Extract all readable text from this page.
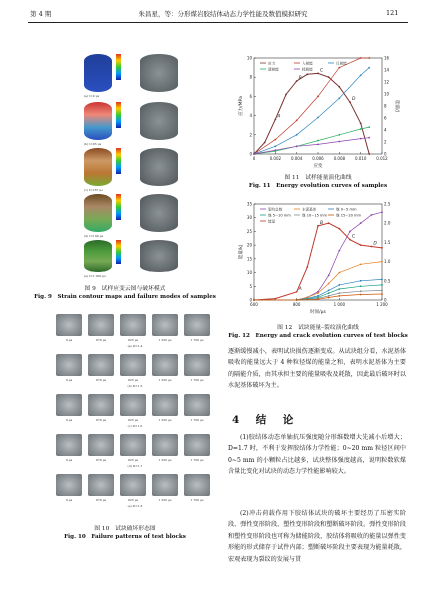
第 4 期	朱昌星，等：分形煤岩胶结体动态力学性能及数值模拟研究	121
(a) t=0 μs
(b) t=95 μs
(c) t=167 μs
(d) t=199 μs
(e) t=1 000 μs
图 9　试样应变云图与破坏模式
Fig. 9　Strain contour maps and failure modes of samples
0 μs	870 μs	925 μs	1 250 μs	1 700 μs
(a) D=1.4
0 μs	870 μs	925 μs	1 250 μs	1 700 μs
(b) D=1.5
0 μs	870 μs	925 μs	1 250 μs	1 700 μs
(c) D=1.6
0 μs	870 μs	925 μs	1 250 μs	1 700 μs
(d) D=1.7
0 μs	870 μs	925 μs	1 250 μs	1 700 μs
(e) D=1.8
图 10　试块破坏形态图
Fig. 10　Failure patterns of test blocks
0	0.002 0.004 0.006 0.008 0.010 0.012
0
2
4
6
8
10
0
2
4
6
8
10
12
14
16
应变
应力/MPa	能量/J
应力	入射能	反射能
透射能	耗散能
A
B
C
D
图 11　试样能量演化曲线
Fig. 11　Energy evolution curves of samples
600	800	1 000	1 200
0
5
10
15
20
25
30
35
0
0.5
1.0
1.5
2.0
2.5
时间/μs
能量/kJ
裂纹总数	水泥基体	煤 0~5 mm
煤 5~10 mm	煤 10~15 mm 煤 15~20 mm
能量
A
B
C
D
图 12　试块能量–裂纹演化曲线
Fig. 12　Energy and crack evolution curves of test blocks

逐渐缓慢减小，表明试块损伤逐渐变成。从试块组分看，水泥基体吸收的能量远大于 4 种粒径煤的能量之和，表明水泥基体为主要的隔能介质，由其承担主要的能量吸收及耗散，因此最后破坏时以水泥基体破坏为主。

4　结　论

(1)胶结体动态单轴抗压强度随分形维数增大先减小后增大；D=1.7 时，不利于发挥胶结体力学性能；0~20 mm 粒径区间中 0~5 mm 的小颗粒占比越多，试块整体强度越高，说明粒数软煤含量比变化对试块的动态力学性能影响较大。

(2)冲击荷载作用下胶结体试块的破坏主要经历了压密实阶段、弹性变形阶段、塑性变形阶段和塑断破坏阶段。弹性变形阶段和塑性变形阶段也可称为储能阶段，胶结体将吸收的能量以弹性变形能的形式储存于试件内部；塑断破坏阶段主要表现为能量耗散，宏观表现为裂纹的发展与贯
